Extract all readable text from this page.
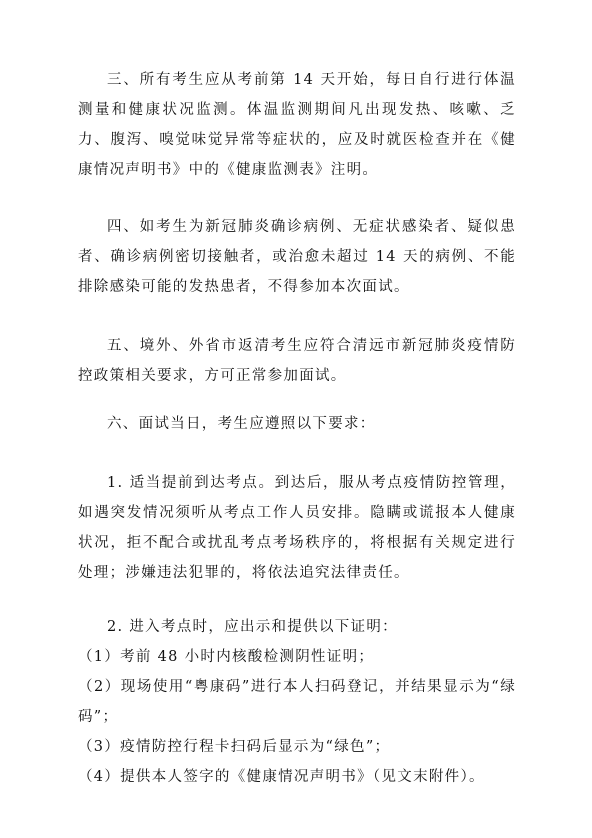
三、所有考生应从考前第 14 天开始，每日自行进行体温测量和健康状况监测。体温监测期间凡出现发热、咳嗽、乏力、腹泻、嗅觉味觉异常等症状的，应及时就医检查并在《健康情况声明书》中的《健康监测表》注明。

四、如考生为新冠肺炎确诊病例、无症状感染者、疑似患者、确诊病例密切接触者，或治愈未超过 14 天的病例、不能排除感染可能的发热患者，不得参加本次面试。

五、境外、外省市返清考生应符合清远市新冠肺炎疫情防控政策相关要求，方可正常参加面试。

六、面试当日，考生应遵照以下要求：

1. 适当提前到达考点。到达后，服从考点疫情防控管理，如遇突发情况须听从考点工作人员安排。隐瞒或谎报本人健康状况，拒不配合或扰乱考点考场秩序的，将根据有关规定进行处理；涉嫌违法犯罪的，将依法追究法律责任。

2. 进入考点时，应出示和提供以下证明：
（1）考前 48 小时内核酸检测阴性证明；
（2）现场使用“粤康码”进行本人扫码登记，并结果显示为“绿码”；
（3）疫情防控行程卡扫码后显示为“绿色”；
（4）提供本人签字的《健康情况声明书》（见文末附件）。
